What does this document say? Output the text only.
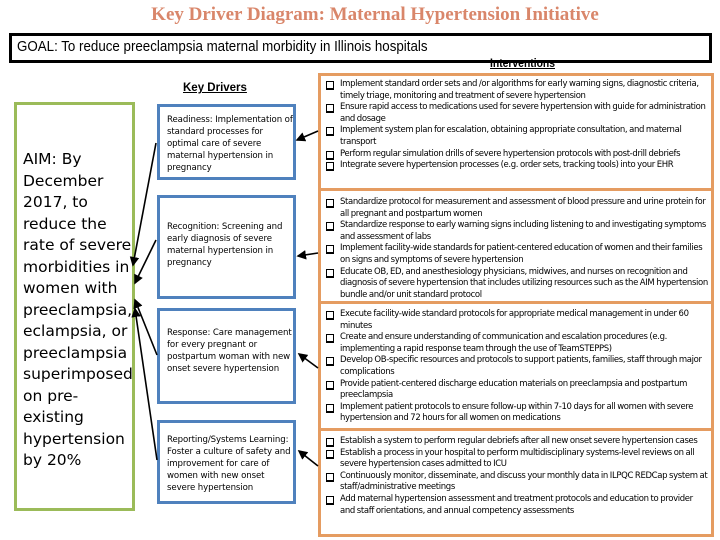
Key Driver Diagram: Maternal Hypertension Initiative
GOAL: To reduce preeclampsia maternal morbidity in Illinois hospitals
Interventions
Key Drivers

AIM: By December 2017, to reduce the rate of severe morbidities in women with preeclampsia, eclampsia, or preeclampsia superimposed on pre-existing hypertension by 20%

Readiness: Implementation of standard processes for optimal care of severe maternal hypertension in pregnancy

Recognition: Screening and early diagnosis of severe maternal hypertension in pregnancy

Response: Care management for every pregnant or postpartum woman with new onset severe hypertension

Reporting/Systems Learning: Foster a culture of safety and improvement for care of women with new onset severe hypertension

Implement standard order sets and /or algorithms for early warning signs, diagnostic criteria, timely triage, monitoring and treatment of severe hypertension
Ensure rapid access to medications used for severe hypertension with guide for administration and dosage
Implement system plan for escalation, obtaining appropriate consultation, and maternal transport
Perform regular simulation drills of severe hypertension protocols with post-drill debriefs
Integrate severe hypertension processes (e.g. order sets, tracking tools) into your EHR
Standardize protocol for measurement and assessment of blood pressure and urine protein for all pregnant and postpartum women
Standardize response to early warning signs including listening to and investigating symptoms and assessment of labs
Implement facility-wide standards for patient-centered education of women and their families on signs and symptoms of severe hypertension
Educate OB, ED, and anesthesiology physicians, midwives, and nurses on recognition and diagnosis of severe hypertension that includes utilizing resources such as the AIM hypertension bundle and/or unit standard protocol
Execute facility-wide standard protocols for appropriate medical management in under 60 minutes
Create and ensure understanding of communication and escalation procedures (e.g. implementing a rapid response team through the use of TeamSTEPPS)
Develop OB-specific resources and protocols to support patients, families, staff through major complications
Provide patient-centered discharge education materials on preeclampsia and postpartum preeclampsia
Implement patient protocols to ensure follow-up within 7-10 days for all women with severe hypertension and 72 hours for all women on medications
Establish a system to perform regular debriefs after all new onset severe hypertension cases
Establish a process in your hospital to perform multidisciplinary systems-level reviews on all severe hypertension cases admitted to ICU
Continuously monitor, disseminate, and discuss your monthly data in ILPQC REDCap system at staff/administrative meetings
Add maternal hypertension assessment and treatment protocols and education to provider and staff orientations, and annual competency assessments
